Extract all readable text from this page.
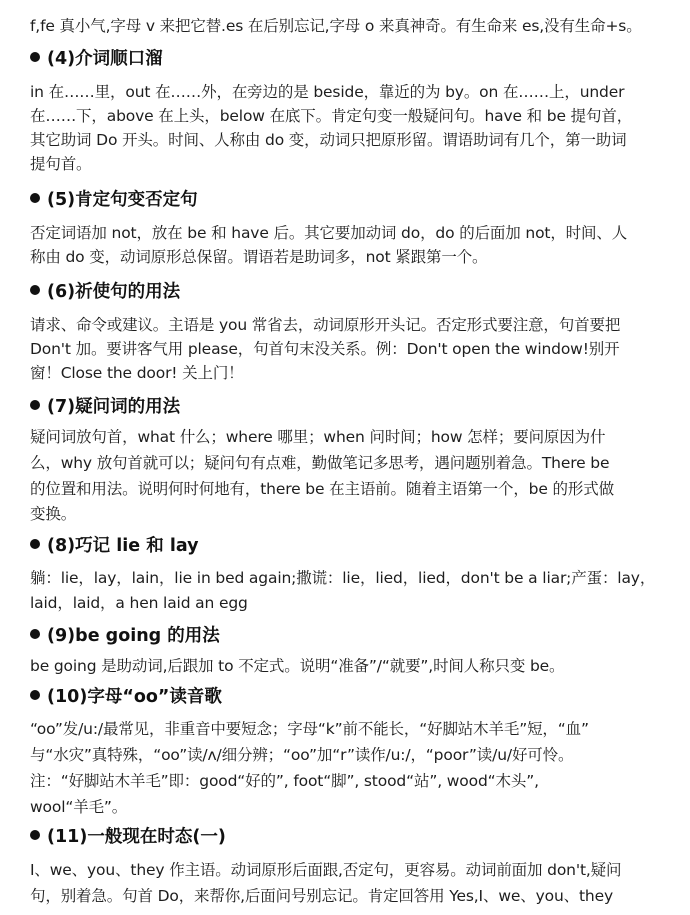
f,fe 真小气,字母 v 来把它替.es 在后别忘记,字母 o 来真神奇。有生命来 es,没有生命+s。
(4)介词顺口溜
in 在……里，out 在……外，在旁边的是 beside，靠近的为 by。on 在……上，under
在……下，above 在上头，below 在底下。肯定句变一般疑问句。have 和 be 提句首，
其它助词 Do 开头。时间、人称由 do 变，动词只把原形留。谓语助词有几个，第一助词
提句首。
(5)肯定句变否定句
否定词语加 not，放在 be 和 have 后。其它要加动词 do，do 的后面加 not，时间、人
称由 do 变，动词原形总保留。谓语若是助词多，not 紧跟第一个。
(6)祈使句的用法
请求、命令或建议。主语是 you 常省去，动词原形开头记。否定形式要注意，句首要把
Don't 加。要讲客气用 please，句首句末没关系。例：Don't open the window!别开
窗！Close the door! 关上门！
(7)疑问词的用法
疑问词放句首，what 什么；where 哪里；when 问时间；how 怎样；要问原因为什
么，why 放句首就可以；疑问句有点难，勤做笔记多思考，遇问题别着急。There be
的位置和用法。说明何时何地有，there be 在主语前。随着主语第一个，be 的形式做
变换。
(8)巧记 lie 和 lay
躺：lie，lay，lain，lie in bed again;撒谎：lie，lied，lied，don't be a liar;产蛋：lay，
laid，laid，a hen laid an egg
(9)be going 的用法
be going 是助动词,后跟加 to 不定式。说明“准备”/“就要”,时间人称只变 be。
(10)字母“oo”读音歌
“oo”发/u:/最常见，非重音中要短念；字母“k”前不能长，“好脚站木羊毛”短，“血”
与“水灾”真特殊，“oo”读/ʌ/细分辨；“oo”加“r”读作/u:/，“poor”读/u/好可怜。
注：“好脚站木羊毛”即：good“好的”, foot“脚”, stood“站”, wood“木头”,
wool“羊毛”。
(11)一般现在时态(一)
I、we、you、they 作主语。动词原形后面跟,否定句，更容易。动词前面加 don't,疑问
句，别着急。句首 Do，来帮你,后面问号别忘记。肯定回答用 Yes,I、we、you、they
